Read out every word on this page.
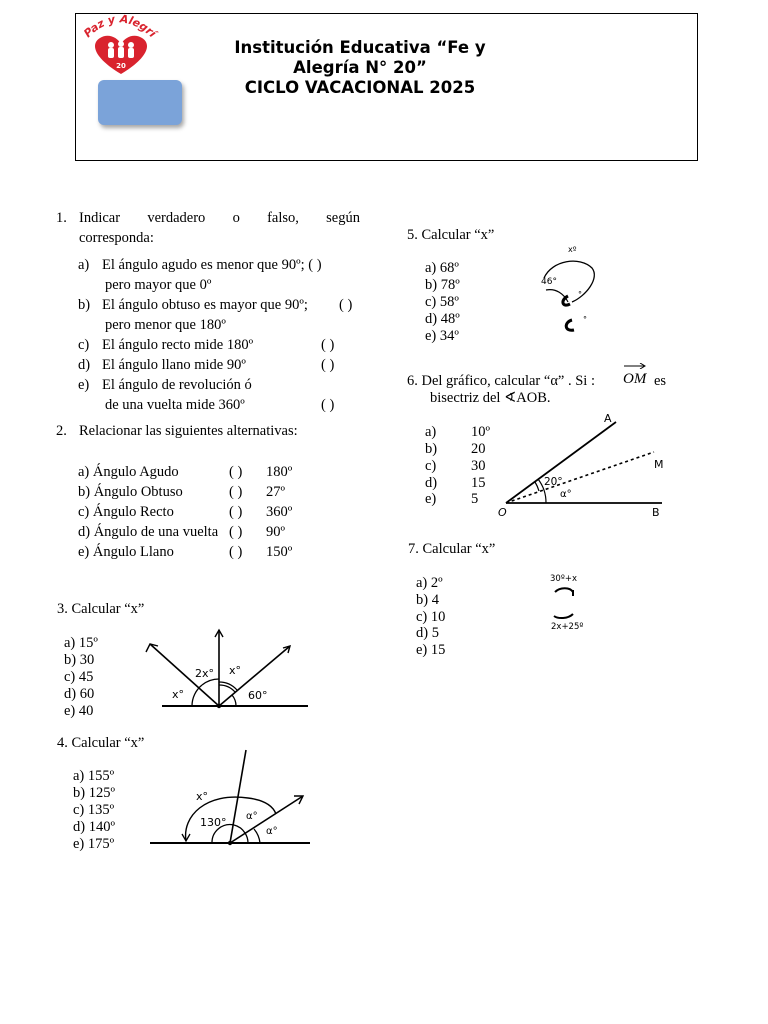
Paz y Alegrí
20
Institución Educativa “Fe y
Alegría N° 20”
CICLO VACACIONAL 2025
1. Indicar verdadero o falso, según
corresponda:
a) El ángulo agudo es menor que 90º; ( )
pero mayor que 0º
b) El ángulo obtuso es mayor que 90º; ( )
pero menor que 180º
c) El ángulo recto mide 180º	( )
d) El ángulo llano mide 90º	( )
e) El ángulo de revolución ó
de una vuelta mide 360º	( )
2. Relacionar las siguientes alternativas:
a) Ángulo Agudo	( ) 180º
b) Ángulo Obtuso	( ) 27º
c) Ángulo Recto	( ) 360º
d) Ángulo de una vuelta ( ) 90º
e) Ángulo Llano	( ) 150º
3. Calcular “x”
a) 15º
b) 30
c) 45
d) 60
e) 40
2x° x°
x°	60°
4. Calcular “x”
a) 155º
b) 125º
c) 135º
d) 140º
e) 175º
x°
130° α°
α°
5. Calcular “x”
a) 68º
b) 78º
c) 58º
d) 48º
e) 34º
xº
46°
°
°
6. Del gráfico, calcular “α” . Si : OM es
bisectriz del ∢AOB.
a) 10º
b) 20
c) 30
d) 15
e) 5
A
M
O	B
20°
α°
7. Calcular “x”
a) 2º
b) 4
c) 10
d) 5
e) 15
30º+x
2x+25º
